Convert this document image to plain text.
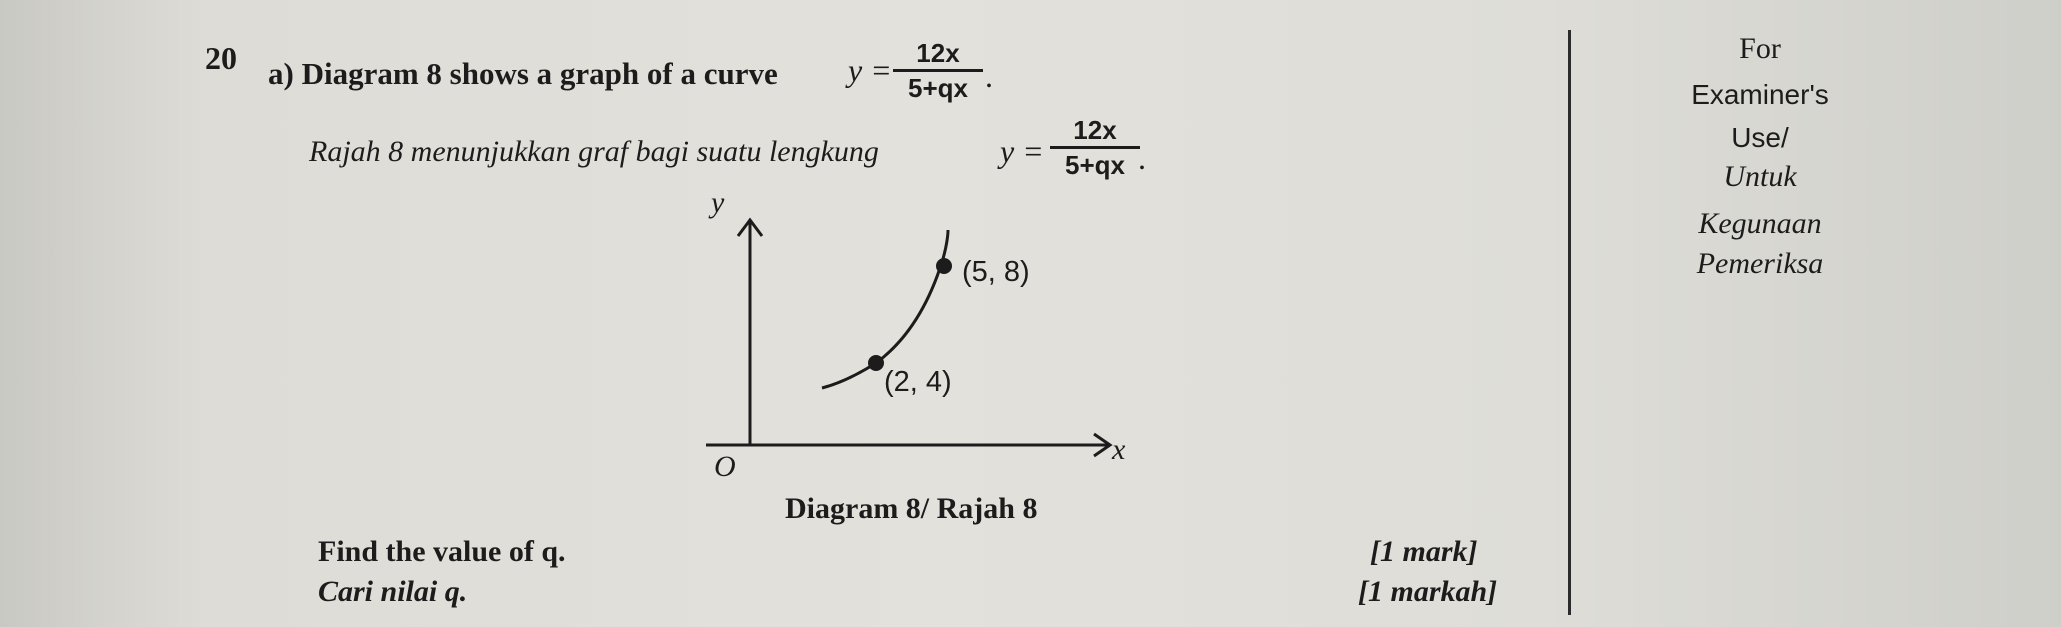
20 a) Diagram 8 shows a graph of a curve y = 12x
5+qx .
Rajah 8 menunjukkan graf bagi suatu lengkung	y =
12x
5+qx .
y
x
O
(5, 8)
(2, 4)
Diagram 8/ Rajah 8
For
Examiner's
Use/
Untuk
Kegunaan
Pemeriksa
Find the value of q.
Cari nilai q.
[1 mark]
[1 markah]
